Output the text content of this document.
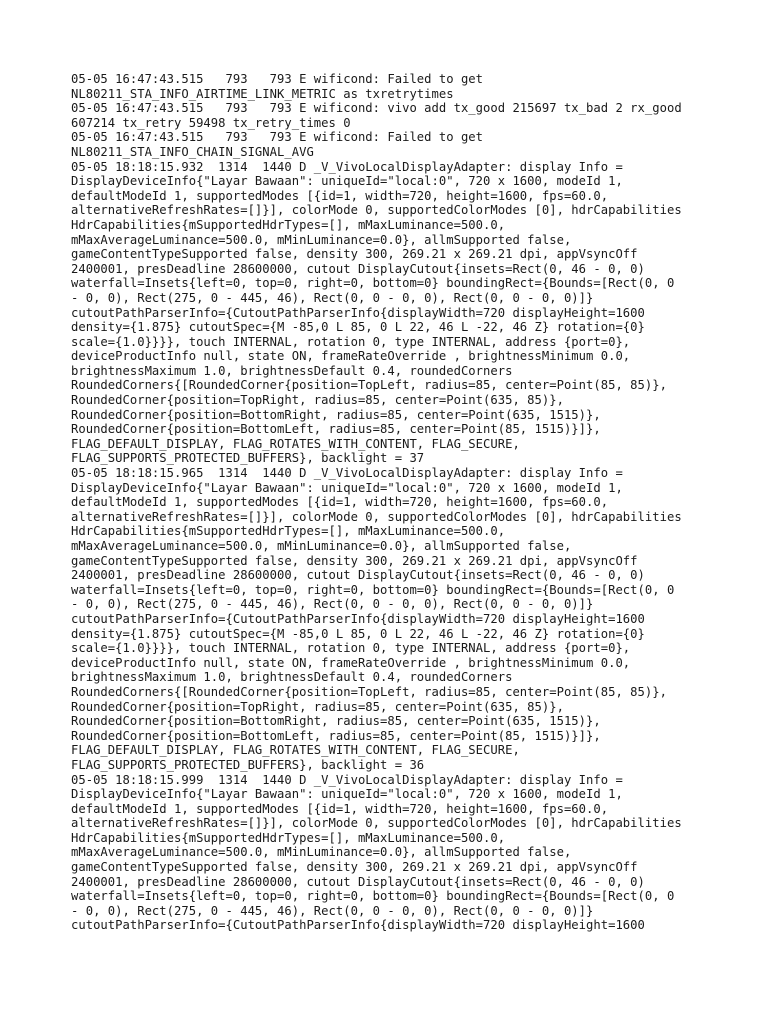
05-05 16:47:43.515   793   793 E wificond: Failed to get
NL80211_STA_INFO_AIRTIME_LINK_METRIC as txretrytimes
05-05 16:47:43.515   793   793 E wificond: vivo add tx_good 215697 tx_bad 2 rx_good
607214 tx_retry 59498 tx_retry_times 0
05-05 16:47:43.515   793   793 E wificond: Failed to get
NL80211_STA_INFO_CHAIN_SIGNAL_AVG
05-05 18:18:15.932  1314  1440 D _V_VivoLocalDisplayAdapter: display Info =
DisplayDeviceInfo{"Layar Bawaan": uniqueId="local:0", 720 x 1600, modeId 1,
defaultModeId 1, supportedModes [{id=1, width=720, height=1600, fps=60.0,
alternativeRefreshRates=[]}], colorMode 0, supportedColorModes [0], hdrCapabilities
HdrCapabilities{mSupportedHdrTypes=[], mMaxLuminance=500.0,
mMaxAverageLuminance=500.0, mMinLuminance=0.0}, allmSupported false,
gameContentTypeSupported false, density 300, 269.21 x 269.21 dpi, appVsyncOff
2400001, presDeadline 28600000, cutout DisplayCutout{insets=Rect(0, 46 - 0, 0)
waterfall=Insets{left=0, top=0, right=0, bottom=0} boundingRect={Bounds=[Rect(0, 0
- 0, 0), Rect(275, 0 - 445, 46), Rect(0, 0 - 0, 0), Rect(0, 0 - 0, 0)]}
cutoutPathParserInfo={CutoutPathParserInfo{displayWidth=720 displayHeight=1600
density={1.875} cutoutSpec={M -85,0 L 85, 0 L 22, 46 L -22, 46 Z} rotation={0}
scale={1.0}}}}, touch INTERNAL, rotation 0, type INTERNAL, address {port=0},
deviceProductInfo null, state ON, frameRateOverride , brightnessMinimum 0.0,
brightnessMaximum 1.0, brightnessDefault 0.4, roundedCorners
RoundedCorners{[RoundedCorner{position=TopLeft, radius=85, center=Point(85, 85)},
RoundedCorner{position=TopRight, radius=85, center=Point(635, 85)},
RoundedCorner{position=BottomRight, radius=85, center=Point(635, 1515)},
RoundedCorner{position=BottomLeft, radius=85, center=Point(85, 1515)}]},
FLAG_DEFAULT_DISPLAY, FLAG_ROTATES_WITH_CONTENT, FLAG_SECURE,
FLAG_SUPPORTS_PROTECTED_BUFFERS}, backlight = 37
05-05 18:18:15.965  1314  1440 D _V_VivoLocalDisplayAdapter: display Info =
DisplayDeviceInfo{"Layar Bawaan": uniqueId="local:0", 720 x 1600, modeId 1,
defaultModeId 1, supportedModes [{id=1, width=720, height=1600, fps=60.0,
alternativeRefreshRates=[]}], colorMode 0, supportedColorModes [0], hdrCapabilities
HdrCapabilities{mSupportedHdrTypes=[], mMaxLuminance=500.0,
mMaxAverageLuminance=500.0, mMinLuminance=0.0}, allmSupported false,
gameContentTypeSupported false, density 300, 269.21 x 269.21 dpi, appVsyncOff
2400001, presDeadline 28600000, cutout DisplayCutout{insets=Rect(0, 46 - 0, 0)
waterfall=Insets{left=0, top=0, right=0, bottom=0} boundingRect={Bounds=[Rect(0, 0
- 0, 0), Rect(275, 0 - 445, 46), Rect(0, 0 - 0, 0), Rect(0, 0 - 0, 0)]}
cutoutPathParserInfo={CutoutPathParserInfo{displayWidth=720 displayHeight=1600
density={1.875} cutoutSpec={M -85,0 L 85, 0 L 22, 46 L -22, 46 Z} rotation={0}
scale={1.0}}}}, touch INTERNAL, rotation 0, type INTERNAL, address {port=0},
deviceProductInfo null, state ON, frameRateOverride , brightnessMinimum 0.0,
brightnessMaximum 1.0, brightnessDefault 0.4, roundedCorners
RoundedCorners{[RoundedCorner{position=TopLeft, radius=85, center=Point(85, 85)},
RoundedCorner{position=TopRight, radius=85, center=Point(635, 85)},
RoundedCorner{position=BottomRight, radius=85, center=Point(635, 1515)},
RoundedCorner{position=BottomLeft, radius=85, center=Point(85, 1515)}]},
FLAG_DEFAULT_DISPLAY, FLAG_ROTATES_WITH_CONTENT, FLAG_SECURE,
FLAG_SUPPORTS_PROTECTED_BUFFERS}, backlight = 36
05-05 18:18:15.999  1314  1440 D _V_VivoLocalDisplayAdapter: display Info =
DisplayDeviceInfo{"Layar Bawaan": uniqueId="local:0", 720 x 1600, modeId 1,
defaultModeId 1, supportedModes [{id=1, width=720, height=1600, fps=60.0,
alternativeRefreshRates=[]}], colorMode 0, supportedColorModes [0], hdrCapabilities
HdrCapabilities{mSupportedHdrTypes=[], mMaxLuminance=500.0,
mMaxAverageLuminance=500.0, mMinLuminance=0.0}, allmSupported false,
gameContentTypeSupported false, density 300, 269.21 x 269.21 dpi, appVsyncOff
2400001, presDeadline 28600000, cutout DisplayCutout{insets=Rect(0, 46 - 0, 0)
waterfall=Insets{left=0, top=0, right=0, bottom=0} boundingRect={Bounds=[Rect(0, 0
- 0, 0), Rect(275, 0 - 445, 46), Rect(0, 0 - 0, 0), Rect(0, 0 - 0, 0)]}
cutoutPathParserInfo={CutoutPathParserInfo{displayWidth=720 displayHeight=1600
